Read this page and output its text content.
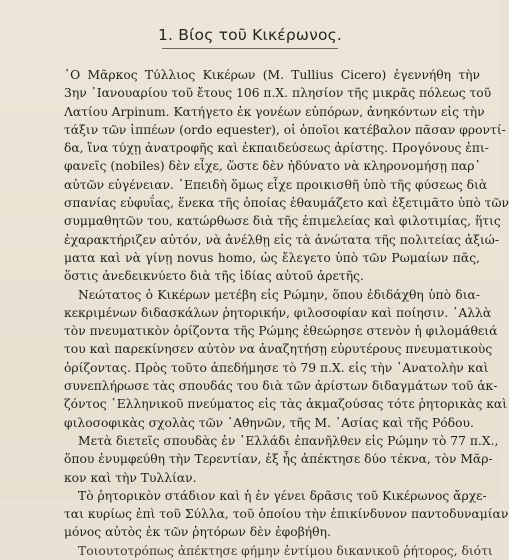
1. Βίος τοῦ Κικέρωνος.
῾Ο Μᾶρκος Τύλλιος Κικέρων (Μ. Tullius Cicero) ἐγεννήθη τὴν
3ην ᾿Ιανουαρίου τοῦ ἔτους 106 π.Χ. πλησίον τῆς μικρᾶς πόλεως τοῦ
Λατίου Arpinum. Κατήγετο ἐκ γονέων εὐπόρων, ἀνηκόντων εἰς τὴν
τάξιν τῶν ἱππέων (ordo equester), οἱ ὁποῖοι κατέβαλον πᾶσαν φροντί-
δα, ἵνα τύχῃ ἀνατροφῆς καὶ ἐκπαιδεύσεως ἀρίστης. Προγόνους ἐπι-
φανεῖς (nobiles) δὲν εἶχε, ὥστε δὲν ἠδύνατο νὰ κληρονομήσῃ παρ᾿
αὐτῶν εὐγένειαν. ᾿Επειδὴ ὅμως εἶχε προικισθῆ ὑπὸ τῆς φύσεως διὰ
σπανίας εὐφυΐας, ἕνεκα τῆς ὁποίας ἐθαυμάζετο καὶ ἐξετιμᾶτο ὑπὸ τῶν
συμμαθητῶν του, κατώρθωσε διὰ τῆς ἐπιμελείας καὶ φιλοτιμίας, ἥτις
ἐχαρακτήριζεν αὐτόν, νὰ ἀνέλθῃ εἰς τὰ ἀνώτατα τῆς πολιτείας ἀξιώ-
ματα καὶ νὰ γίνῃ novus homo, ὡς ἔλεγετο ὑπὸ τῶν Ρωμαίων πᾶς,
ὅστις ἀνεδεικνύετο διὰ τῆς ἰδίας αὐτοῦ ἀρετῆς.
Νεώτατος ὁ Κικέρων μετέβη εἰς Ρώμην, ὅπου ἐδιδάχθη ὑπὸ δια-
κεκριμένων διδασκάλων ῥητορικήν, φιλοσοφίαν καὶ ποίησιν. ᾿Αλλὰ
τὸν πνευματικὸν ὁρίζοντα τῆς Ρώμης ἐθεώρησε στενὸν ἡ φιλομάθειά
του καὶ παρεκίνησεν αὐτὸν να ἀναζητήσῃ εὐρυτέρους πνευματικοὺς
ὁρίζοντας. Πρὸς τοῦτο ἀπεδήμησε τὸ 79 π.Χ. εἰς τὴν ᾿Ανατολὴν καὶ
συνεπλήρωσε τὰς σπουδάς του διὰ τῶν ἀρίστων διδαγμάτων τοῦ ἀκ-
ζόντος ῾Ελληνικοῦ πνεύματος εἰς τὰς ἀκμαζούσας τότε ῥητορικὰς καὶ
φιλοσοφικὰς σχολὰς τῶν ᾿Αθηνῶν, τῆς Μ. ᾿Ασίας καὶ τῆς Ρόδου.
Μετὰ διετεῖς σπουδὰς ἐν ῾Ελλάδι ἐπανῆλθεν εἰς Ρώμην τὸ 77 π.Χ.,
ὅπου ἐνυμφεύθη τὴν Τερεντίαν, ἐξ ἧς ἀπέκτησε δύο τέκνα, τὸν Μᾶρ-
κον καὶ τὴν Τυλλίαν.
Τὸ ῥητορικὸν στάδιον καὶ ἡ ἐν γένει δρᾶσις τοῦ Κικέρωνος ἄρχε-
ται κυρίως ἐπὶ τοῦ Σύλλα, τοῦ ὁποίου τὴν ἐπικίνδυνον παντοδυναμίαν
μόνος αὐτὸς ἐκ τῶν ῥητόρων δὲν ἐφοβήθη.
Τοιουτοτρόπως ἀπέκτησε φήμην ἐντίμου δικανικοῦ ῥήτορος, διότι
